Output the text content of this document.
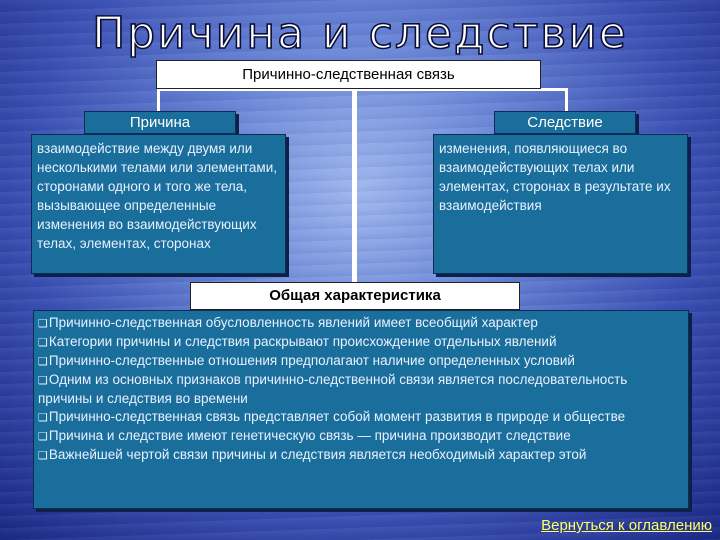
Причина и следствие
Причинно-следственная связь
Причина
взаимодействие между двумя или несколькими телами или элементами, сторонами одного и того же тела, вызывающее определенные изменения во взаимодействующих телах, элементах, сторонах
Следствие
изменения, появляющиеся во взаимодействующих телах или элементах, сторонах в результате их взаимодействия
Общая характеристика
❑Причинно-следственная обусловленность явлений имеет всеобщий характер
❑Категории причины и следствия раскрывают происхождение отдельных явлений
❑Причинно-следственные отношения предполагают наличие определенных условий
❑Одним из основных признаков причинно-следственной связи является последовательность причины и следствия во времени
❑Причинно-следственная связь представляет собой момент развития в природе и обществе
❑Причина и следствие имеют генетическую связь — причина производит следствие
❑Важнейшей чертой связи причины и следствия является необходимый характер этой
Вернуться к оглавлению
